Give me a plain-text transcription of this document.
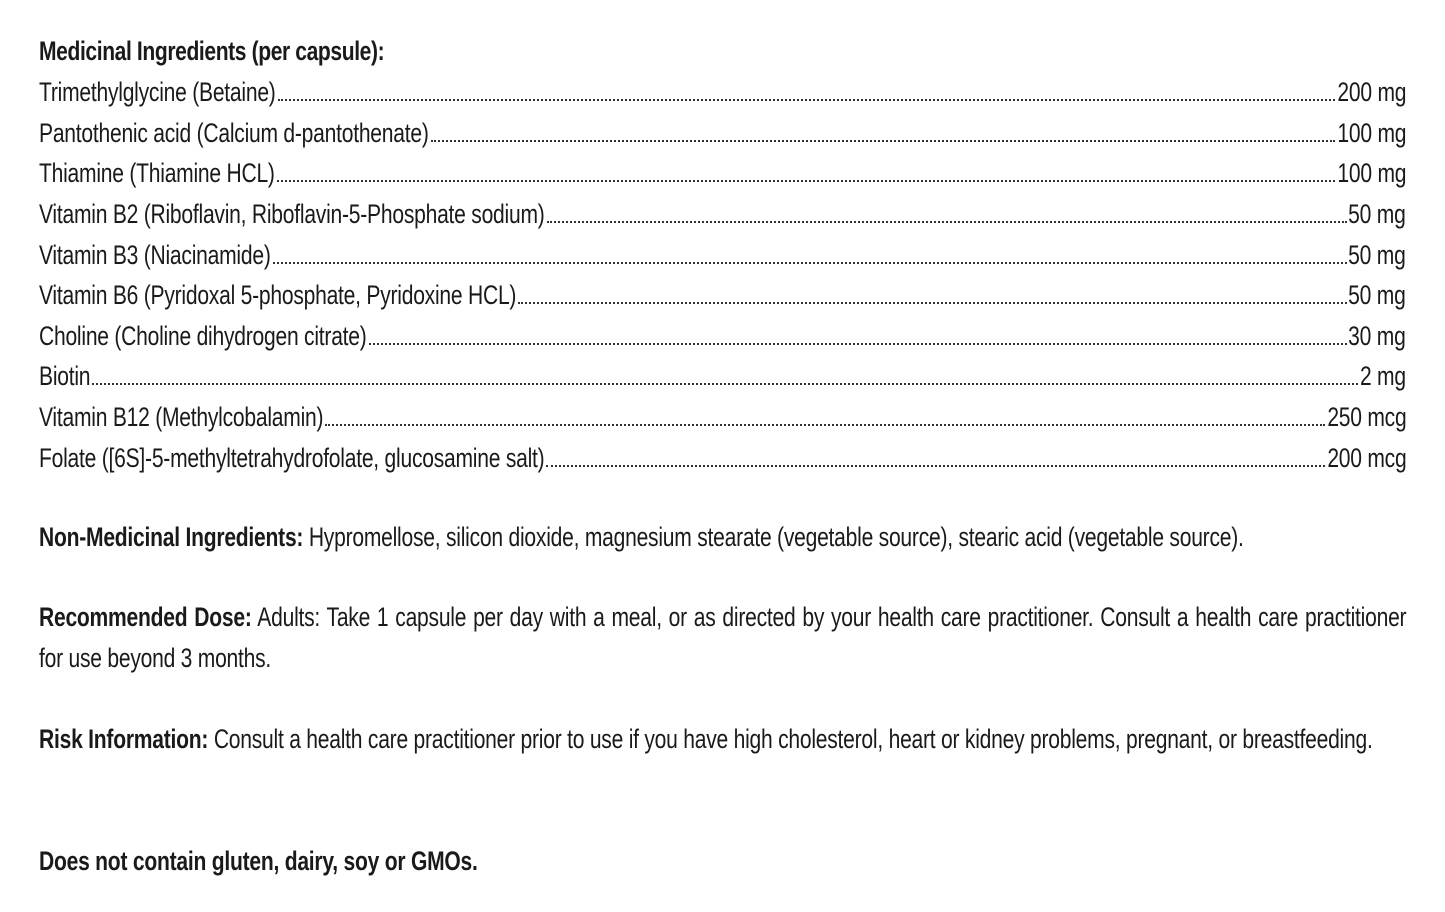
Medicinal Ingredients (per capsule):
Trimethylglycine (Betaine)	200 mg
Pantothenic acid (Calcium d-pantothenate)	100 mg
Thiamine (Thiamine HCL)	100 mg
Vitamin B2 (Riboflavin, Riboflavin-5-Phosphate sodium)	50 mg
Vitamin B3 (Niacinamide)	50 mg
Vitamin B6 (Pyridoxal 5-phosphate, Pyridoxine HCL)	50 mg
Choline (Choline dihydrogen citrate)	30 mg
Biotin	2 mg
Vitamin B12 (Methylcobalamin)	250 mcg
Folate ([6S]-5-methyltetrahydrofolate, glucosamine salt)	200 mcg
Non-Medicinal Ingredients: Hypromellose, silicon dioxide, magnesium stearate (vegetable source), stearic acid (vegetable source).
Recommended Dose: Adults: Take 1 capsule per day with a meal, or as directed by your health care practitioner. Consult a health care practitioner for use beyond 3 months.
Risk Information: Consult a health care practitioner prior to use if you have high cholesterol, heart or kidney problems, pregnant, or breastfeeding.
Does not contain gluten, dairy, soy or GMOs.
